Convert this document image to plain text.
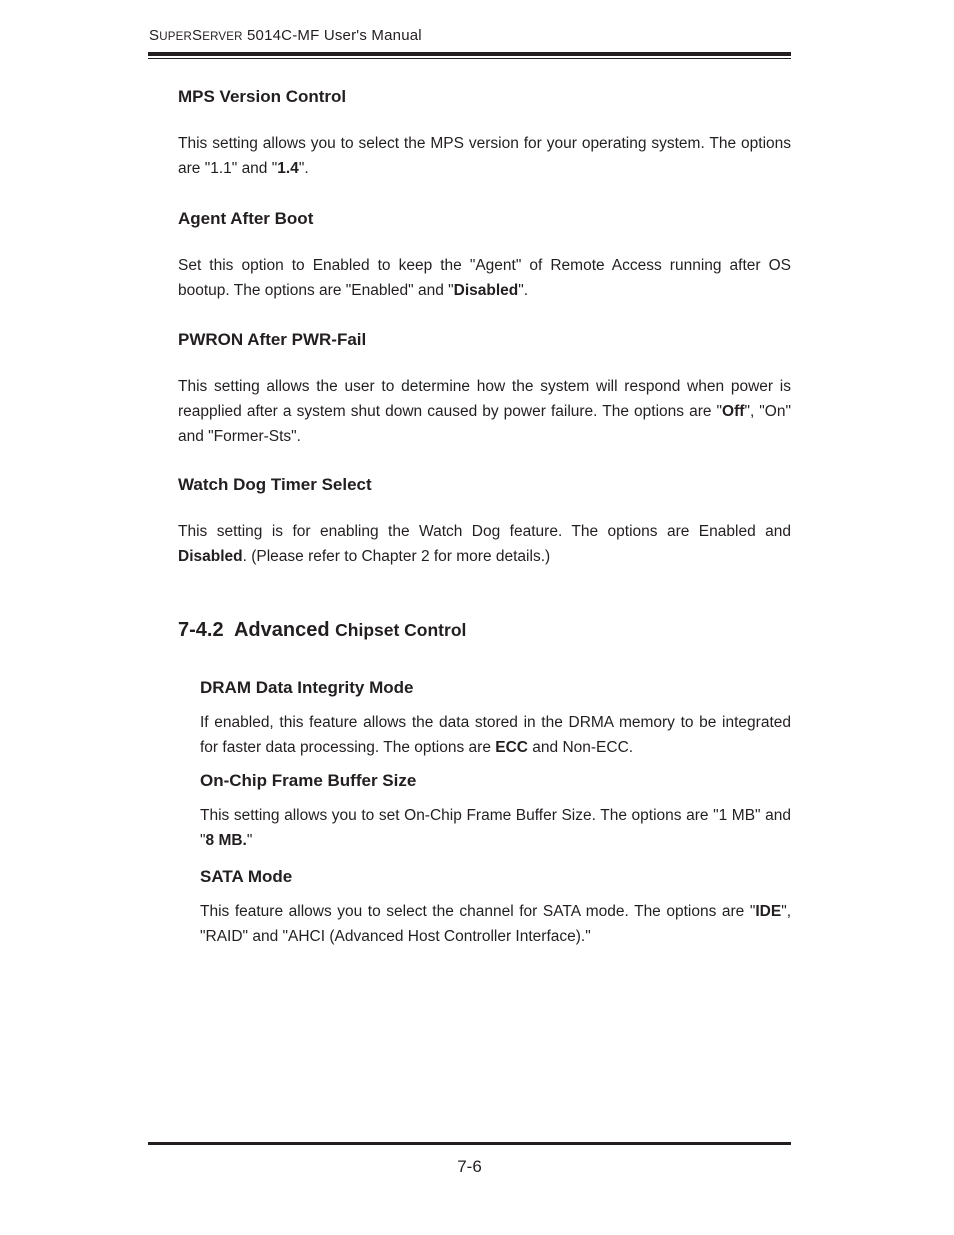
SUPERSERVER 5014C-MF User's Manual
MPS Version Control

This setting allows you to select the MPS version for your operating system. The options are "1.1" and "1.4".

Agent After Boot

Set this option to Enabled to keep the "Agent" of Remote Access running after OS bootup. The options are "Enabled" and "Disabled".

PWRON After PWR-Fail

This setting allows the user to determine how the system will respond when power is reapplied after a system shut down caused by power failure. The options are "Off", "On" and "Former-Sts".

Watch Dog Timer Select

This setting is for enabling the Watch Dog feature. The options are Enabled and Disabled. (Please refer to Chapter 2 for more details.)

7-4.2 Advanced Chipset Control
DRAM Data Integrity Mode

If enabled, this feature allows the data stored in the DRMA memory to be integrated for faster data processing. The options are ECC and Non-ECC.

On-Chip Frame Buffer Size

This setting allows you to set On-Chip Frame Buffer Size. The options are "1 MB" and "8 MB."

SATA Mode

This feature allows you to select the channel for SATA mode. The options are "IDE", "RAID" and "AHCI (Advanced Host Controller Interface)."

7-6
